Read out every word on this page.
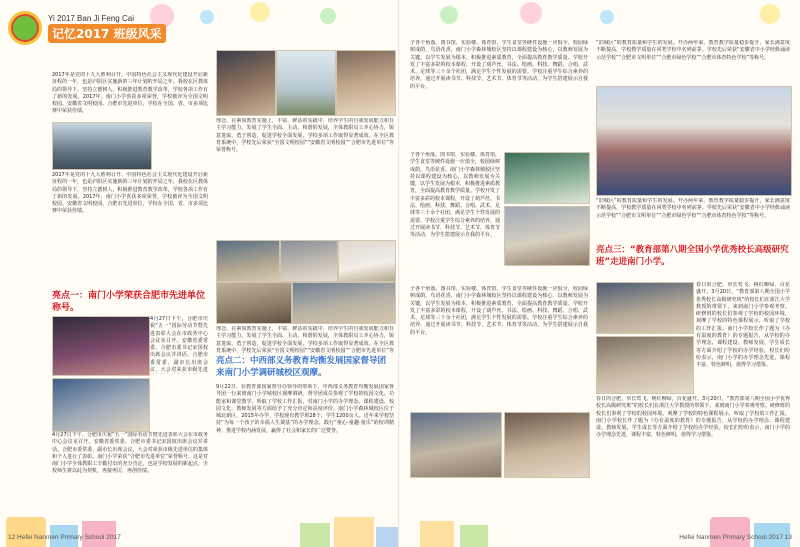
Yi 2017 Ban Ji Feng Cai
记忆2017 班级风采
2017年是党的十九大胜利召开、中国特色社会主义现代化建设开启新征程的一年，也是庐阳区实施新的三年计划的开局之年。我校在区教体局的领导下，坚持立德树人，积极推进教育教学改革，学校各项工作有了新的发展。2017年，南门小学喜获多项荣誉，学校被评为全国文明校园、安徽省文明校园、合肥市先进单位，学校在全国、省、市多项比赛中荣获佳绩。
理念，在素质教育实施上，丰富、鲜活的实践中，培养学生的自我发展能力和自主学习能力，发展了学生全面、主动、和谐的发展，全体教职员工齐心协力，锐意进取，勇于创造，促进学校全面发展，学校多项工作取得显著成效。在全区教育系统中，学校先后荣获“全国文明校园”“安徽省文明校园”“合肥市先进单位”等荣誉称号。
2017年是党的十九大胜利召开、中国特色社会主义现代化建设开启新征程的一年，也是庐阳区实施新的三年计划的开局之年。我校在区教体局的领导下，坚持立德树人，积极推进教育教学改革，学校各项工作有了新的发展。2017年，南门小学喜获多项荣誉，学校被评为全国文明校园、安徽省文明校园、合肥市先进单位，学校在全国、省、市多项比赛中荣获佳绩。
亮点一：南门小学荣获合肥市先进单位称号。
4月27日下午，合肥市庆祝“五一”国际劳动节暨先进表彰大会在市政务中心会议室召开。安徽省委常委、合肥市委书记宋国权出席会议并讲话。合肥市委常委、副市长出席会议，大会对荣获市级先进
4月27日下午，合肥市庆祝“五一”国际劳动节暨先进表彰大会在市政务中心会议室召开。安徽省委常委、合肥市委书记宋国权出席会议并讲话。合肥市委常委、副市长出席会议，大会对荣获市级先进单位的集体和个人进行了表彰。南门小学荣获“合肥市先进单位”荣誉称号。这是对南门小学全体教职工辛勤付出的充分肯定，也是学校发展的新起点，全校师生将以此为契机，再接再厉，再创佳绩。
理念，在素质教育实施上，丰富、鲜活的实践中，培养学生的自我发展能力和自主学习能力，发展了学生全面、主动、和谐的发展，全体教职员工齐心协力，锐意进取，勇于创造，促进学校全面发展，学校多项工作取得显著成效。在全区教育系统中，学校先后荣获“全国文明校园”“安徽省文明校园”“合肥市先进单位”等
亮点二：中西部义务教育均衡发展国家督导团来南门小学调研城校区观摩。
9月22日，在教育部国家督导办领导的带领下，中西部义务教育均衡发展国家督导团一行来到南门小学城校区观摩调研。督导团成员参观了学校的校园文化、功能室和课堂教学，听取了学校工作汇报，对南门小学的办学理念、课程建设、校园文化、教师发展等方面给予了充分肯定和高度评价。南门小学森林城校区位于城北新区，2015年办学，学校现有教学班28个，学生1200余人。近年来学校坚持“为每一个孩子的幸福人生奠基”的办学理念，践行“童心·童趣·童乐”的校训精神，推进学校内涵发展，赢得了社会和家长的广泛赞誉。
12 Hefei Nanmen Primary School 2017
子各个角落。图书馆、实验楼、体育馆，学生食堂等硬件设施一应俱全，校园绿树成荫，鸟语花香。南门小学森林城校区坚持以课程建设为核心，以教师发展为关键，以学生发展为根本，积极推进素质教育，全面提高教育教学质量。学校开发了丰富多彩的校本课程，开设了葫芦丝、书法、绘画、科技、舞蹈、合唱、武术、足球等三十余个社团，满足学生个性发展的需要。学校注重学生综合素养的培养，通过开展读书节、科技节、艺术节、体育节等活动，为学生搭建展示自我的平台。
子各个角落。图书馆、实验楼、体育馆，学生食堂等硬件设施一应俱全，校园绿树成荫，鸟语花香。南门小学森林城校区坚持以课程建设为核心，以教师发展为关键，以学生发展为根本，积极推进素质教育，全面提高教育教学质量。学校开发了丰富多彩的校本课程，开设了葫芦丝、书法、绘画、科技、舞蹈、合唱、武术、足球等三十余个社团，满足学生个性发展的需要。学校注重学生综合素养的培养，通过开展读书节、科技节、艺术节、体育节等活动，为学生搭建展示自我的平台。
子各个角落。图书馆、实验楼、体育馆，学生食堂等硬件设施一应俱全，校园绿树成荫，鸟语花香。南门小学森林城校区坚持以课程建设为核心，以教师发展为关键，以学生发展为根本，积极推进素质教育，全面提高教育教学质量。学校开发了丰富多彩的校本课程，开设了葫芦丝、书法、绘画、科技、舞蹈、合唱、武术、足球等三十余个社团，满足学生个性发展的需要。学校注重学生综合素养的培养，通过开展读书节、科技节、艺术节、体育节等活动，为学生搭建展示自我的平台。
“旧城区”的教育质量和学生的发展。开办两年来，教育教学质量稳步提升，家长满意度不断提高，学校教学质量在同类学校中名列前茅。学校先后荣获“安徽省中小学经典诵读示范学校”“合肥市文明单位”“合肥市绿色学校”“合肥市体育特色学校”等称号。
“旧城区”的教育质量和学生的发展。开办两年来，教育教学质量稳步提升，家长满意度不断提高，学校教学质量在同类学校中名列前茅。学校先后荣获“安徽省中小学经典诵读示范学校”“合肥市文明单位”“合肥市绿色学校”“合肥市体育特色学校”等称号。
亮点三：“教育部第八期全国小学优秀校长高级研究班”走进南门小学。
春日的合肥，草长莺飞，桃红柳绿，百花盛开。3月20日，“教育部第八期全国小学优秀校长高级研究班”的校长们在浙江大学教授的带领下，来到南门小学参观考察。研修班的校长们参观了学校的校园环境，观摩了学校的特色课程展示，听取了学校的工作汇报。南门小学校长作了题为《办有温度的教育》的专题报告，从学校的办学理念、课程建设、教师发展、学生成长等方面介绍了学校的办学经验。校长们纷纷表示，南门小学的办学理念先进，课程丰富，特色鲜明，值得学习借鉴。
春日的合肥，草长莺飞，桃红柳绿，百花盛开。3月20日，“教育部第八期全国小学优秀校长高级研究班”的校长们在浙江大学教授的带领下，来到南门小学参观考察。研修班的校长们参观了学校的校园环境，观摩了学校的特色课程展示，听取了学校的工作汇报。南门小学校长作了题为《办有温度的教育》的专题报告，从学校的办学理念、课程建设、教师发展、学生成长等方面介绍了学校的办学经验。校长们纷纷表示，南门小学的办学理念先进，课程丰富，特色鲜明，值得学习借鉴。
Hefei Nanmen Primary School 2017 13
